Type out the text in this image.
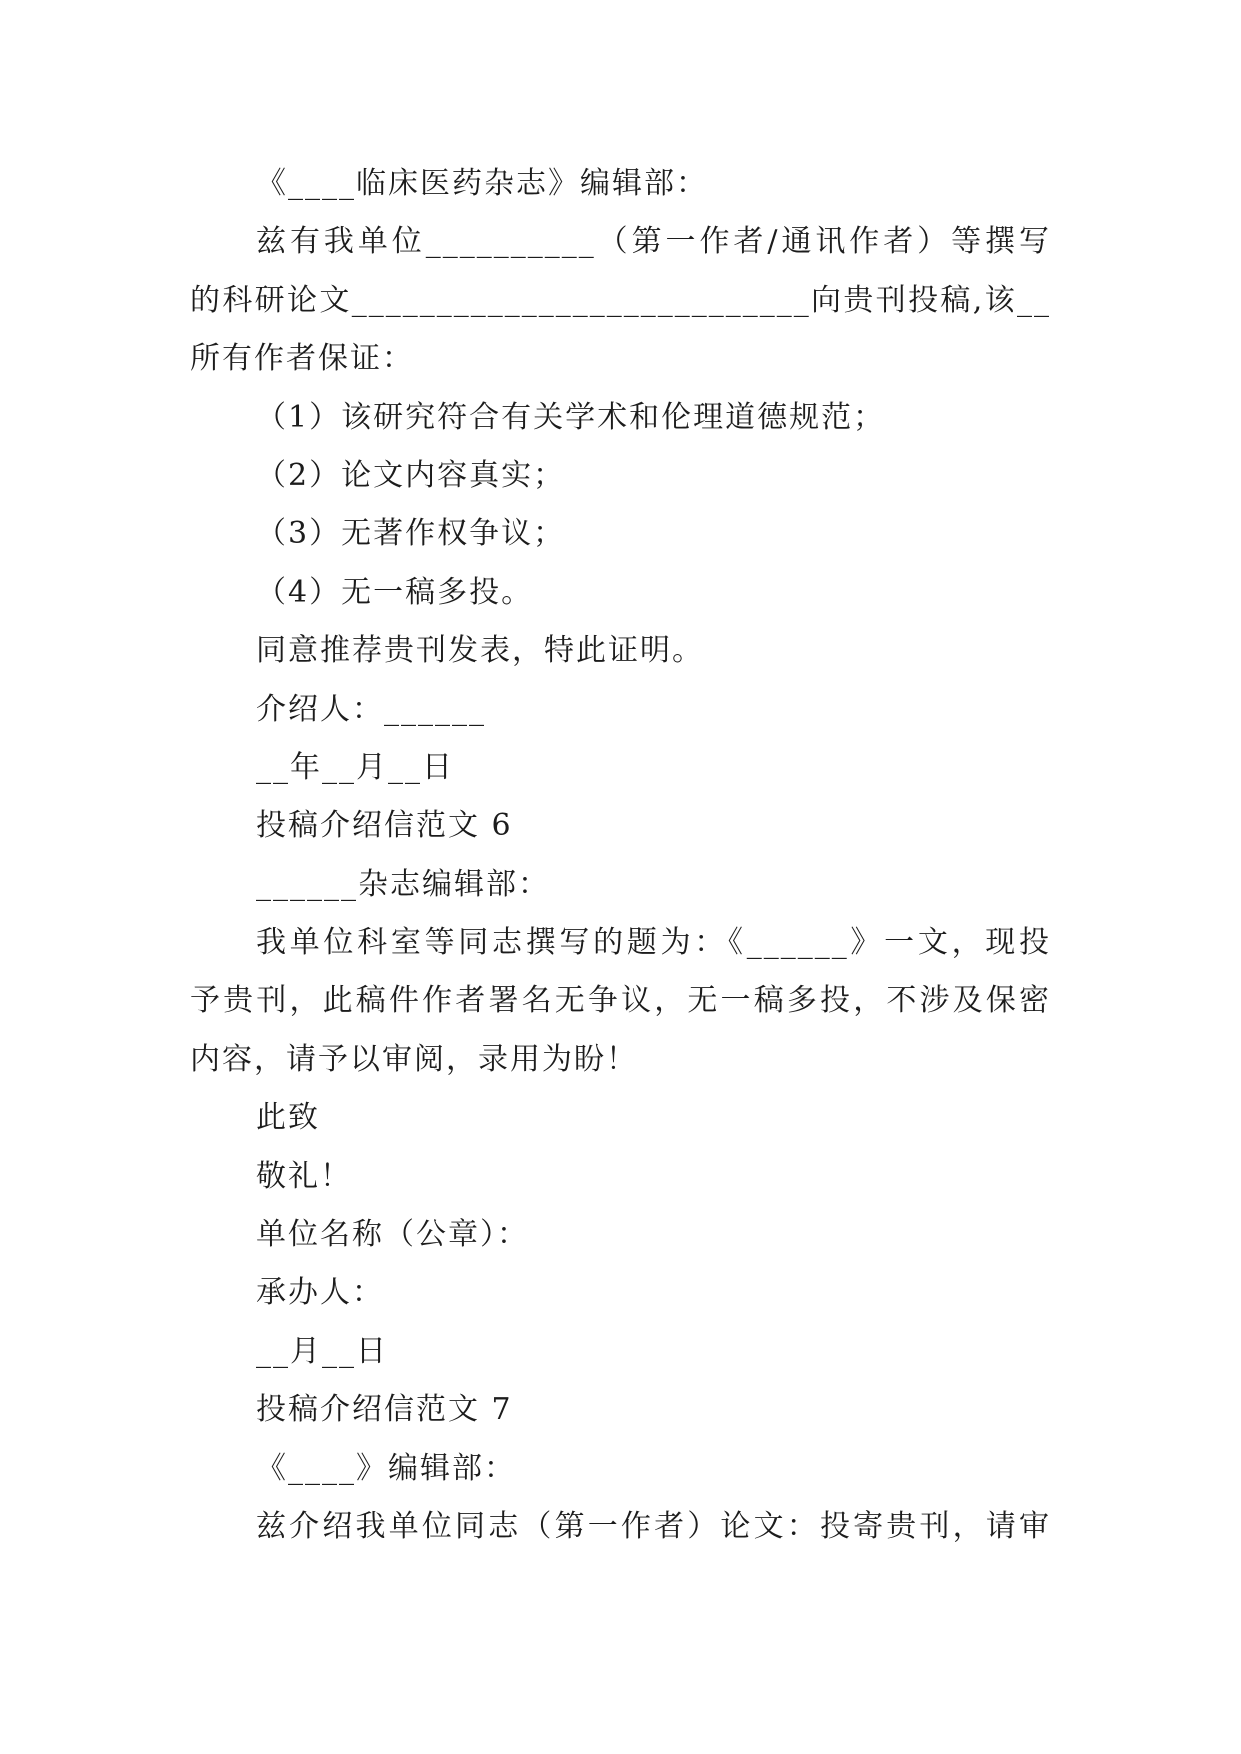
《____临床医药杂志》编辑部：
兹有我单位__________（第一作者/通讯作者）等撰写
的科研论文___________________________向贵刊投稿,该__
所有作者保证：
（1）该研究符合有关学术和伦理道德规范；
（2）论文内容真实；
（3）无著作权争议；
（4）无一稿多投。
同意推荐贵刊发表，特此证明。
介绍人：______
__年__月__日
投稿介绍信范文 6
______杂志编辑部：
我单位科室等同志撰写的题为：《______》一文，现投
予贵刊，此稿件作者署名无争议，无一稿多投，不涉及保密
内容，请予以审阅，录用为盼！
此致
敬礼！
单位名称（公章）：
承办人：
__月__日
投稿介绍信范文 7
《____》编辑部：
兹介绍我单位同志（第一作者）论文：投寄贵刊，请审
